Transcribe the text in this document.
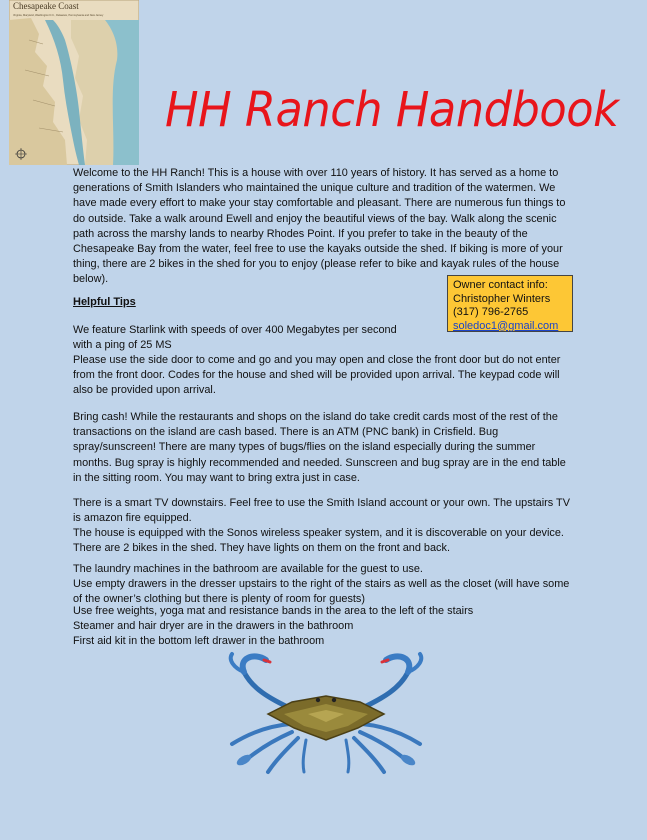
Chesapeake Coast
Virginia, Maryland, Washington D.C., Delaware, Pennsylvania and New Jersey
HH Ranch Handbook

Welcome to the HH Ranch! This is a house with over 110 years of history. It has served as a home to generations of Smith Islanders who maintained the unique culture and tradition of the watermen. We have made every effort to make your stay comfortable and pleasant. There are numerous fun things to do outside. Take a walk around Ewell and enjoy the beautiful views of the bay. Walk along the scenic path across the marshy lands to nearby Rhodes Point. If you prefer to take in the beauty of the Chesapeake Bay from the water, feel free to use the kayaks outside the shed. If biking is more of your thing, there are 2 bikes in the shed for you to enjoy (please refer to bike and kayak rules of the house below).	Owner contact info:
Christopher Winters
(317) 796-2765
soledoc1@gmail.com

Helpful Tips

We feature Starlink with speeds of over 400 Megabytes per second

with a ping of 25 MS

Please use the side door to come and go and you may open and close the front door but do not enter from the front door. Codes for the house and shed will be provided upon arrival. The keypad code will also be provided upon arrival.

Bring cash! While the restaurants and shops on the island do take credit cards most of the rest of the transactions on the island are cash based. There is an ATM (PNC bank) in Crisfield. Bug spray/sunscreen! There are many types of bugs/flies on the island especially during the summer months. Bug spray is highly recommended and needed. Sunscreen and bug spray are in the end table in the sitting room. You may want to bring extra just in case.

There is a smart TV downstairs. Feel free to use the Smith Island account or your own. The upstairs TV is amazon fire equipped.

The house is equipped with the Sonos wireless speaker system, and it is discoverable on your device.

There are 2 bikes in the shed. They have lights on them on the front and back.

The laundry machines in the bathroom are available for the guest to use.

Use empty drawers in the dresser upstairs to the right of the stairs as well as the closet (will have some of the owner’s clothing but there is plenty of room for guests)

Use free weights, yoga mat and resistance bands in the area to the left of the stairs

Steamer and hair dryer are in the drawers in the bathroom

First aid kit in the bottom left drawer in the bathroom
